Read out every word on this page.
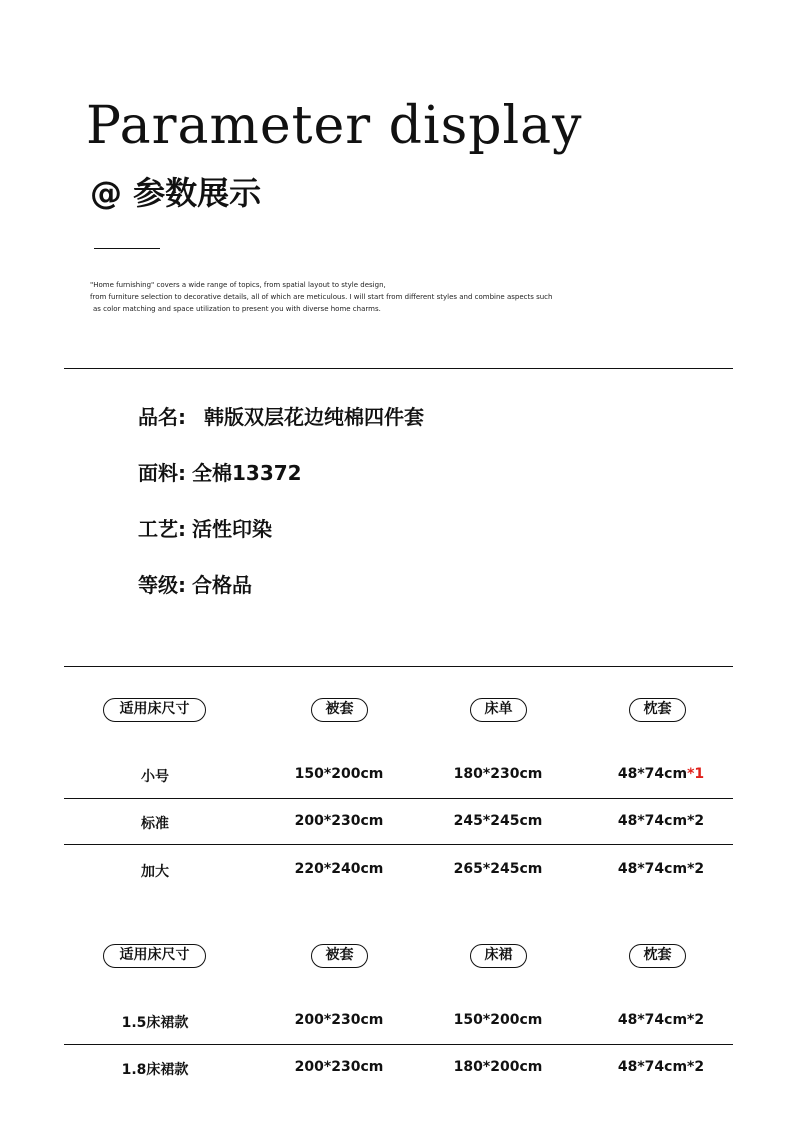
Parameter display
@ 参数展示
"Home furnishing" covers a wide range of topics, from spatial layout to style design,
from furniture selection to decorative details, all of which are meticulous. I will start from different styles and combine aspects such
as color matching and space utilization to present you with diverse home charms.
品名: 韩版双层花边纯棉四件套
面料: 全棉13372
工艺: 活性印染
等级: 合格品
适用床尺寸	被套	床单	枕套
小号	150*200cm	180*230cm	48*74cm*1
标准	200*230cm	245*245cm	48*74cm*2
加大	220*240cm	265*245cm	48*74cm*2
适用床尺寸	被套	床裙	枕套
1.5床裙款	200*230cm	150*200cm	48*74cm*2
1.8床裙款	200*230cm	180*200cm	48*74cm*2
